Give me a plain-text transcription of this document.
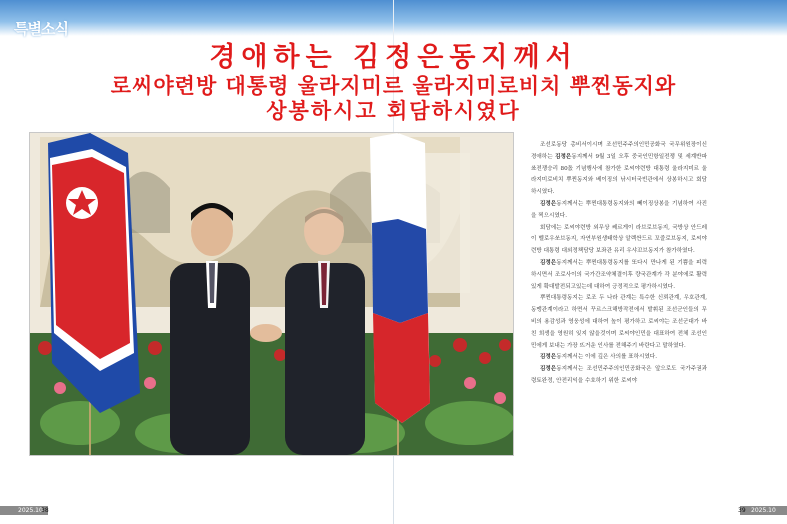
특별소식
경애하는 김정은동지께서
로씨야련방 대통령 울라지미르 울라지미로비치 뿌찐동지와
상봉하시고 회담하시였다

조선로동당 총비서이시며 조선민주주의인민공화국 국무위원장이신 경애하는 김정은동지께서 9월 3일 오후 중국인민항일전쟁 및 세계반파쑈전쟁승리 80돐 기념행사에 참가한 로씨야련방 대통령 울라지미르 울라지미로비치 뿌찐동지와 베이징의 낚시터국빈관에서 상봉하시고 회담하시였다.

김정은동지께서는 뿌찐대통령동지와의 뻬이징상봉을 기념하여 사진을 찍으시였다.

회담에는 로씨야련방 외무상 쎄르게이 라브로브동지, 국방상 안드레이 벨로우쏘브동지, 자연부원생태학상 알렉싼드르 꼬즐로브동지, 로씨야련방 대통령 대외정책담당 보좌관 유리 우샤꼬브동지가 참가하였다.

김정은동지께서는 뿌찐대통령동지를 또다시 만나게 된 기쁨을 피력하시면서 조로사이의 국가간조약체결이후 량국관계가 각 분야에로 활력있게 확대발전되고있는데 대하여 긍정적으로 평가하시였다.

뿌찐대통령동지는 로조 두 나라 관계는 특수한 신뢰관계, 우호관계, 동맹관계이라고 하면서 꾸르스크해방작전에서 발휘된 조선군인들의 무비의 용감성과 영웅성에 대하여 높이 평가하고 로씨야는 조선군대가 바친 희생을 영원히 잊지 않을것이며 로씨야인민을 대표하여 전체 조선인민에게 보내는 가장 뜨거운 인사를 전해주기 바란다고 말하였다.

김정은동지께서는 이에 깊은 사의를 표하시였다.

김정은동지께서는 조선민주주의인민공화국은 앞으로도 국가주권과 령토완정, 안전리익을 수호하기 위한 로씨야

2025.10
38	39 2025.10
